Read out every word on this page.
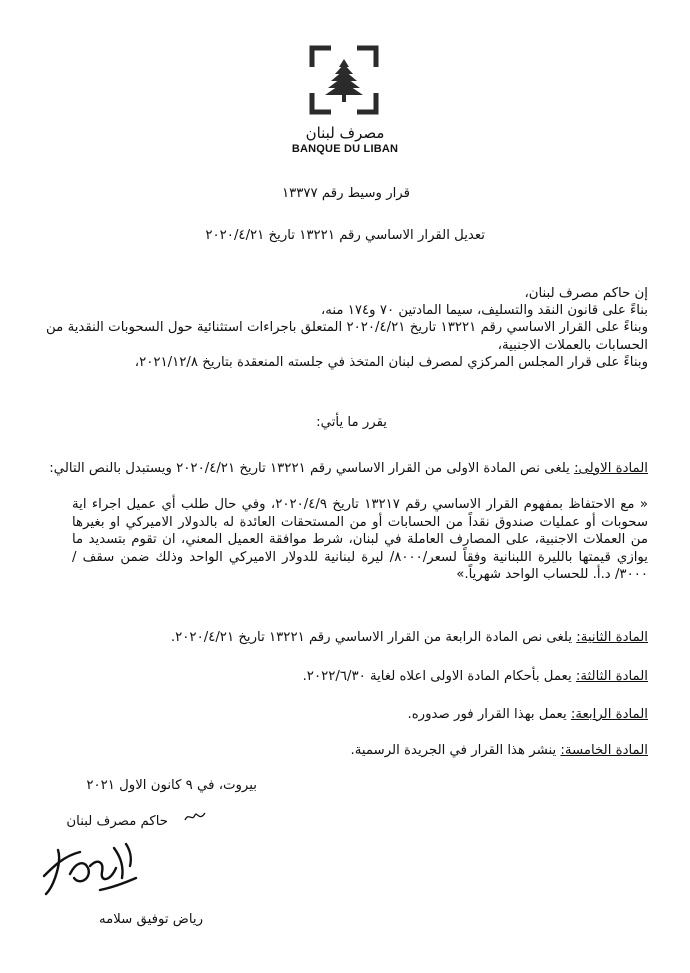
مصرف لبنان
BANQUE DU LIBAN
قرار وسيط رقم ١٣٣٧٧
تعديل القرار الاساسي رقم ١٣٢٢١ تاريخ ٢٠٢٠/٤/٢١
إن حاكم مصرف لبنان،
بناءً على قانون النقد والتسليف، سيما المادتين ٧٠ و١٧٤ منه،
وبناءً على القرار الاساسي رقم ١٣٢٢١ تاريخ ٢٠٢٠/٤/٢١ المتعلق باجراءات استثنائية حول السحوبات النقدية من الحسابات بالعملات الاجنبية،
وبناءً على قرار المجلس المركزي لمصرف لبنان المتخذ في جلسته المنعقدة بتاريخ ٢٠٢١/١٢/٨،
يقرر ما يأتي:
المادة الاولى: يلغى نص المادة الاولى من القرار الاساسي رقم ١٣٢٢١ تاريخ ٢٠٢٠/٤/٢١ ويستبدل بالنص التالي:
« مع الاحتفاظ بمفهوم القرار الاساسي رقم ١٣٢١٧ تاريخ ٢٠٢٠/٤/٩، وفي حال طلب أي عميل اجراء اية سحوبات أو عمليات صندوق نقداً من الحسابات أو من المستحقات العائدة له بالدولار الاميركي او بغيرها من العملات الاجنبية، على المصارف العاملة في لبنان، شرط موافقة العميل المعني، ان تقوم بتسديد ما يوازي قيمتها بالليرة اللبنانية وفقاً لسعر/٨٠٠٠/ ليرة لبنانية للدولار الاميركي الواحد وذلك ضمن سقف /٣٠٠٠/ د.أ. للحساب الواحد شهرياً.»
المادة الثانية: يلغى نص المادة الرابعة من القرار الاساسي رقم ١٣٢٢١ تاريخ ٢٠٢٠/٤/٢١.
المادة الثالثة: يعمل بأحكام المادة الاولى اعلاه لغاية ٢٠٢٢/٦/٣٠.
المادة الرابعة: يعمل بهذا القرار فور صدوره.
المادة الخامسة: ينشر هذا القرار في الجريدة الرسمية.
بيروت، في ٩ كانون الاول ٢٠٢١
حاكم مصرف لبنان
رياض توفيق سلامه
